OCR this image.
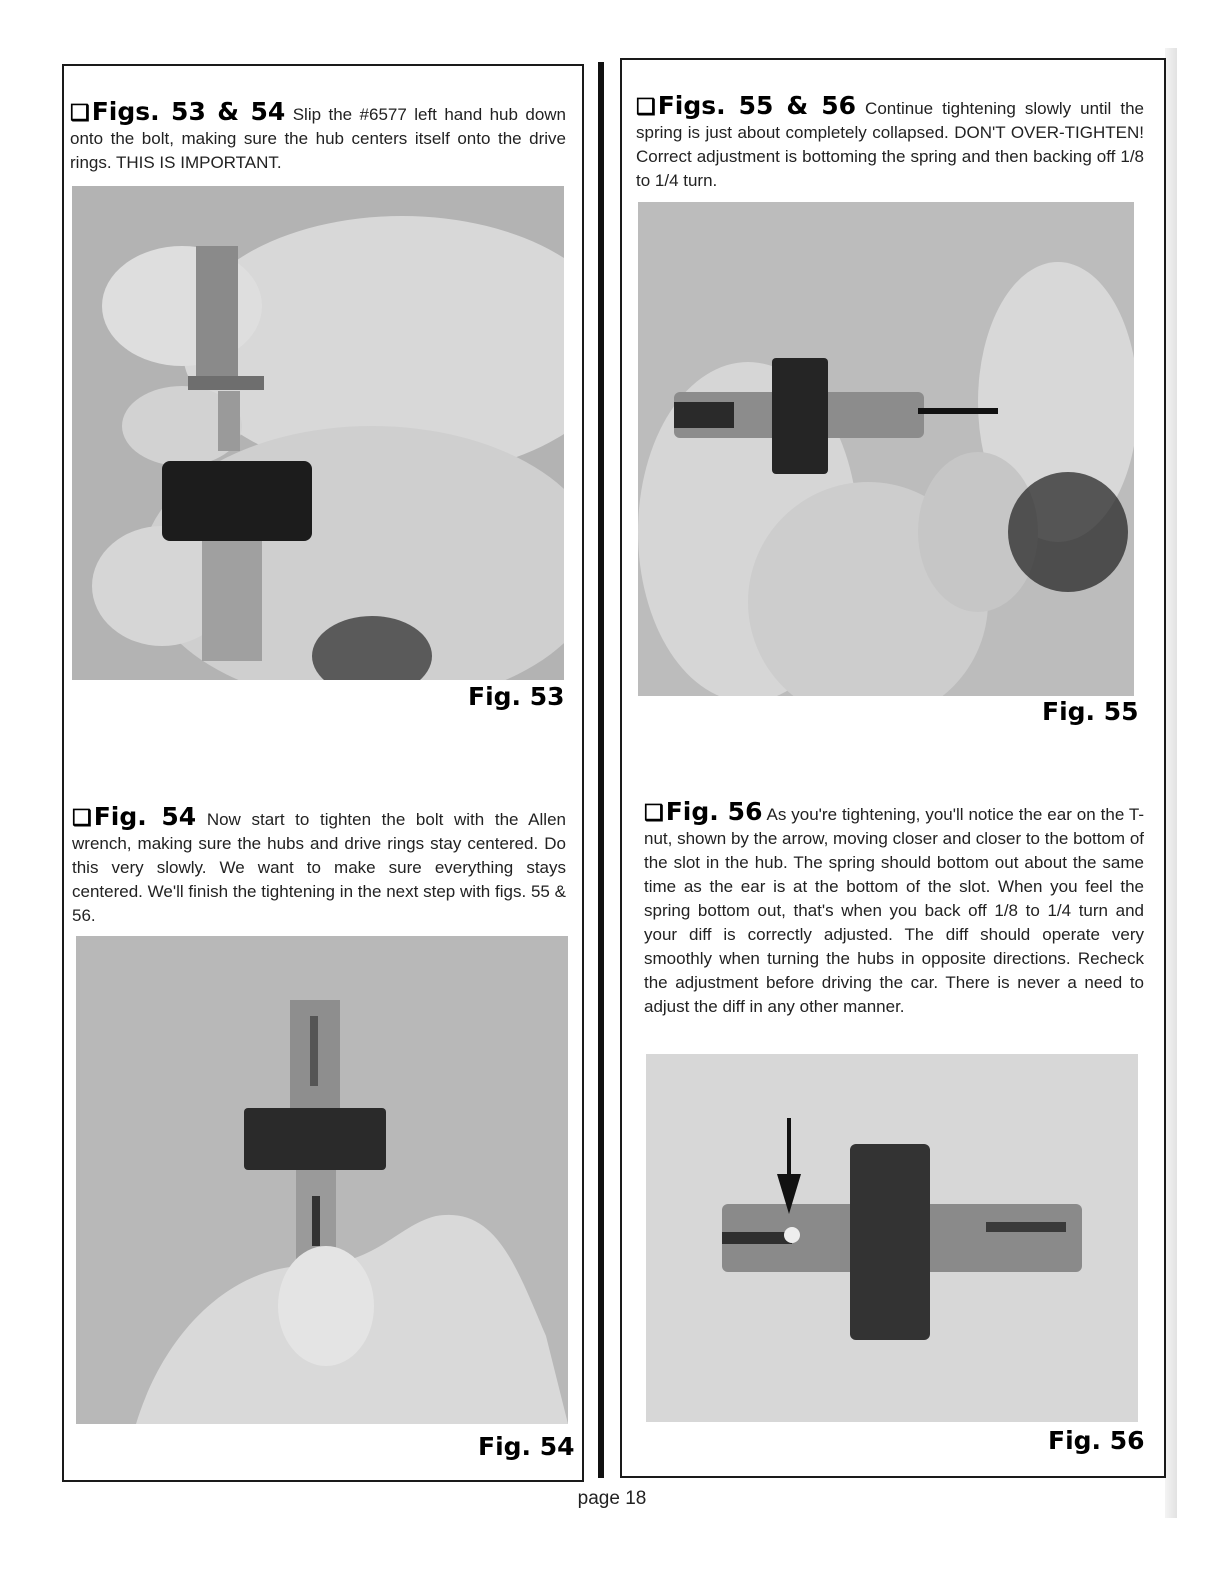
❑Figs. 53 & 54 Slip the #6577 left hand hub down onto the bolt, making sure the hub centers itself onto the drive rings. THIS IS IMPORTANT.
Fig. 53
❑Fig. 54 Now start to tighten the bolt with the Allen wrench, making sure the hubs and drive rings stay centered. Do this very slowly. We want to make sure everything stays centered. We'll finish the tightening in the next step with figs. 55 & 56.
Fig. 54
❑Figs. 55 & 56 Continue tightening slowly until the spring is just about completely collapsed. DON'T OVER-TIGHTEN! Correct adjustment is bottoming the spring and then backing off 1/8 to 1/4 turn.
Fig. 55
❑Fig. 56 As you're tightening, you'll notice the ear on the T-nut, shown by the arrow, moving closer and closer to the bottom of the slot in the hub. The spring should bottom out about the same time as the ear is at the bottom of the slot. When you feel the spring bottom out, that's when you back off 1/8 to 1/4 turn and your diff is correctly adjusted. The diff should operate very smoothly when turning the hubs in opposite directions. Recheck the adjustment before driving the car. There is never a need to adjust the diff in any other manner.
Fig. 56
page 18
